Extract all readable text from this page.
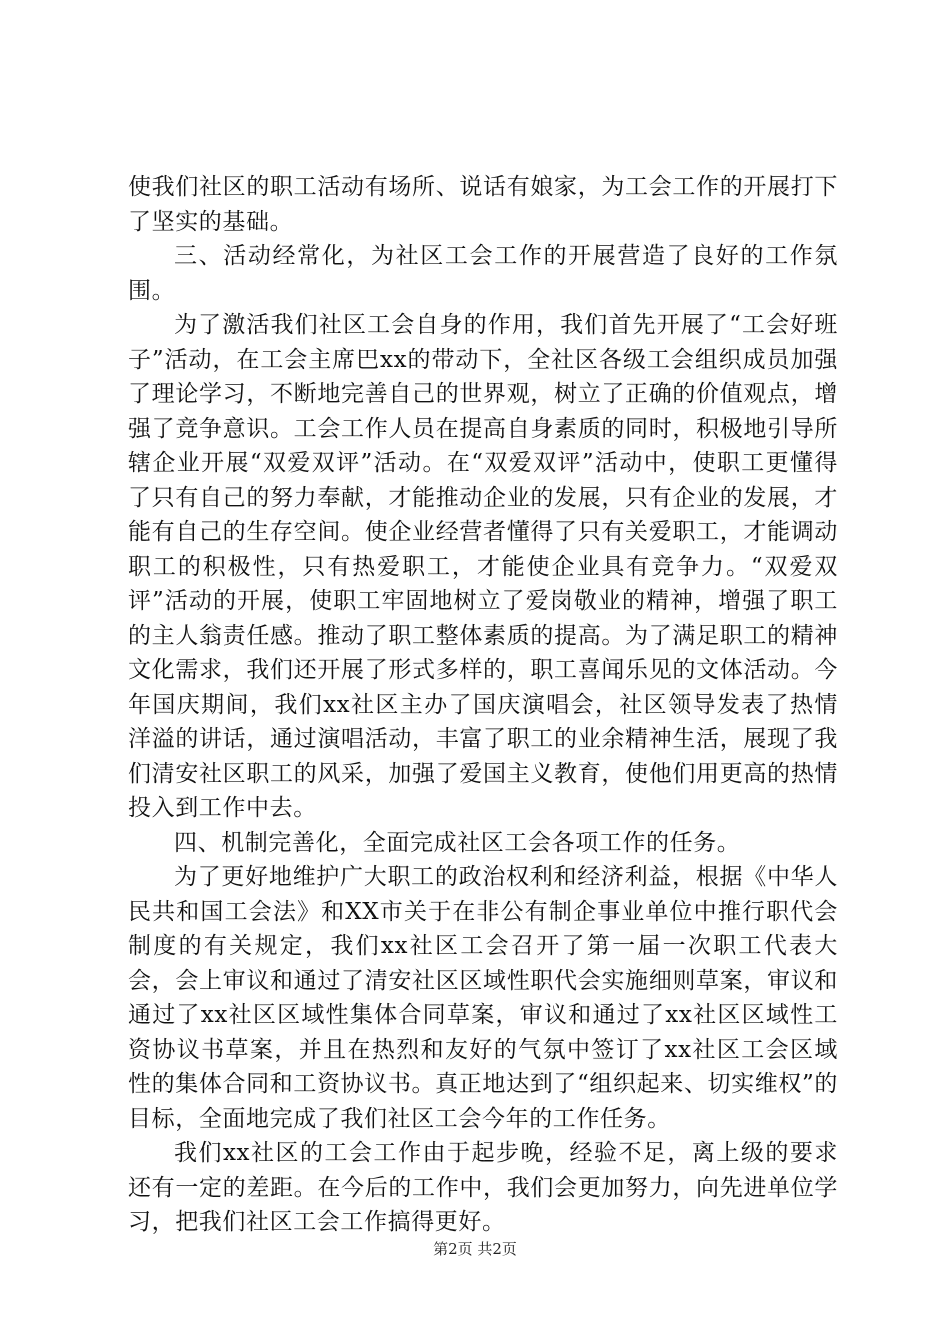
使我们社区的职工活动有场所、说话有娘家，为工会工作的开展打下了坚实的基础。

三、活动经常化，为社区工会工作的开展营造了良好的工作氛围。

为了激活我们社区工会自身的作用，我们首先开展了“工会好班子”活动，在工会主席巴xx的带动下，全社区各级工会组织成员加强了理论学习，不断地完善自己的世界观，树立了正确的价值观点，增强了竞争意识。工会工作人员在提高自身素质的同时，积极地引导所辖企业开展“双爱双评”活动。在“双爱双评”活动中，使职工更懂得了只有自己的努力奉献，才能推动企业的发展，只有企业的发展，才能有自己的生存空间。使企业经营者懂得了只有关爱职工，才能调动职工的积极性，只有热爱职工，才能使企业具有竞争力。“双爱双评”活动的开展，使职工牢固地树立了爱岗敬业的精神，增强了职工的主人翁责任感。推动了职工整体素质的提高。为了满足职工的精神文化需求，我们还开展了形式多样的，职工喜闻乐见的文体活动。今年国庆期间，我们xx社区主办了国庆演唱会，社区领导发表了热情洋溢的讲话，通过演唱活动，丰富了职工的业余精神生活，展现了我们清安社区职工的风采，加强了爱国主义教育，使他们用更高的热情投入到工作中去。

四、机制完善化，全面完成社区工会各项工作的任务。

为了更好地维护广大职工的政治权利和经济利益，根据《中华人民共和国工会法》和XX市关于在非公有制企事业单位中推行职代会制度的有关规定，我们xx社区工会召开了第一届一次职工代表大会，会上审议和通过了清安社区区域性职代会实施细则草案，审议和通过了xx社区区域性集体合同草案，审议和通过了xx社区区域性工资协议书草案，并且在热烈和友好的气氛中签订了xx社区工会区域性的集体合同和工资协议书。真正地达到了“组织起来、切实维权”的目标，全面地完成了我们社区工会今年的工作任务。

我们xx社区的工会工作由于起步晚，经验不足，离上级的要求还有一定的差距。在今后的工作中，我们会更加努力，向先进单位学习，把我们社区工会工作搞得更好。

第2页 共2页
